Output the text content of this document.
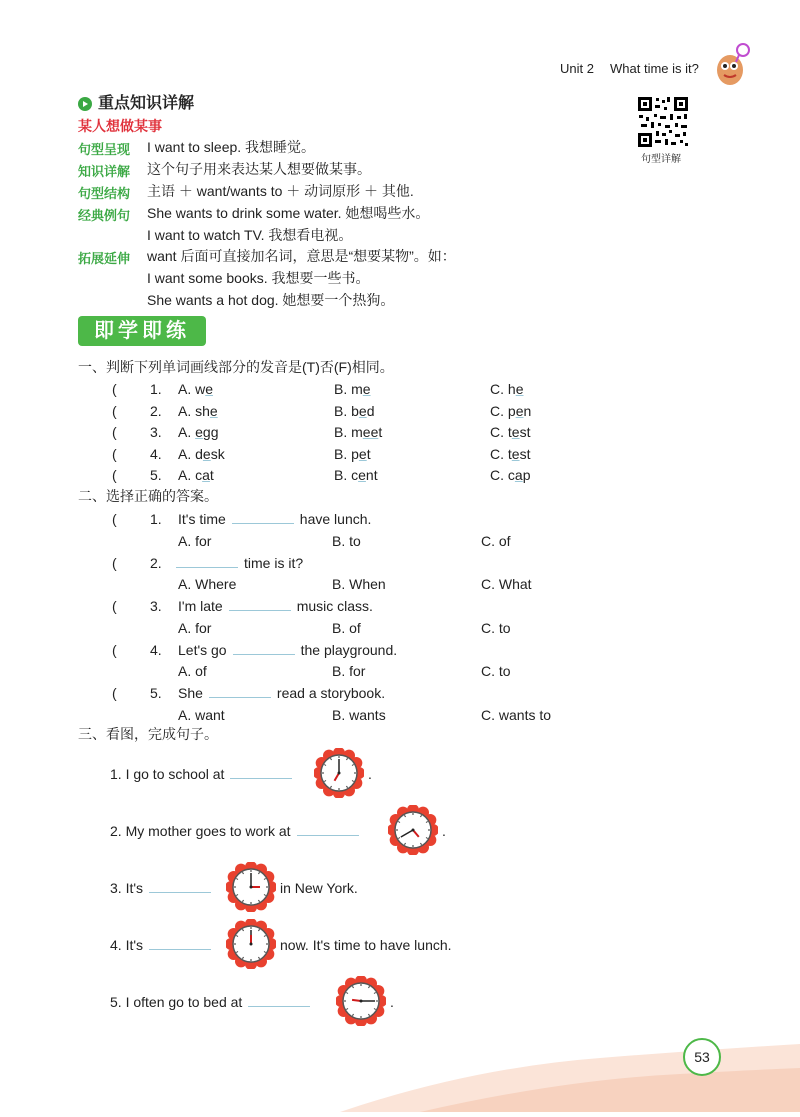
Unit 2 What time is it?
句型详解
重点知识详解
某人想做某事
句型呈现 I want to sleep. 我想睡觉。
知识详解 这个句子用来表达某人想要做某事。
句型结构 主语 ＋ want/wants to ＋ 动词原形 ＋ 其他.
经典例句 She wants to drink some water. 她想喝些水。
I want to watch TV. 我想看电视。
拓展延伸 want 后面可直接加名词，意思是“想要某物”。如：
I want some books. 我想要一些书。
She wants a hot dog. 她想要一个热狗。
即学即练
一、判断下列单词画线部分的发音是(T)否(F)相同。
( 1. A. we	B. me	C. he
( 2. A. she	B. bed	C. pen
( 3. A. egg	B. meet	C. test
( 4. A. desk	B. pet	C. test
( 5. A. cat	B. cent	C. cap
二、选择正确的答案。
( 1. It's time	have lunch.
A. for	B. to	C. of
( 2.	time is it?
A. Where	B. When	C. What
( 3. I'm late	music class.
A. for	B. of	C. to
( 4. Let's go	the playground.
A. of	B. for	C. to
( 5. She	read a storybook.
A. want	B. wants	C. wants to
三、看图，完成句子。
1. I go to school at	.
2. My mother goes to work at	.
3. It's	in New York.
4. It's	now. It's time to have lunch.
5. I often go to bed at	.
53
